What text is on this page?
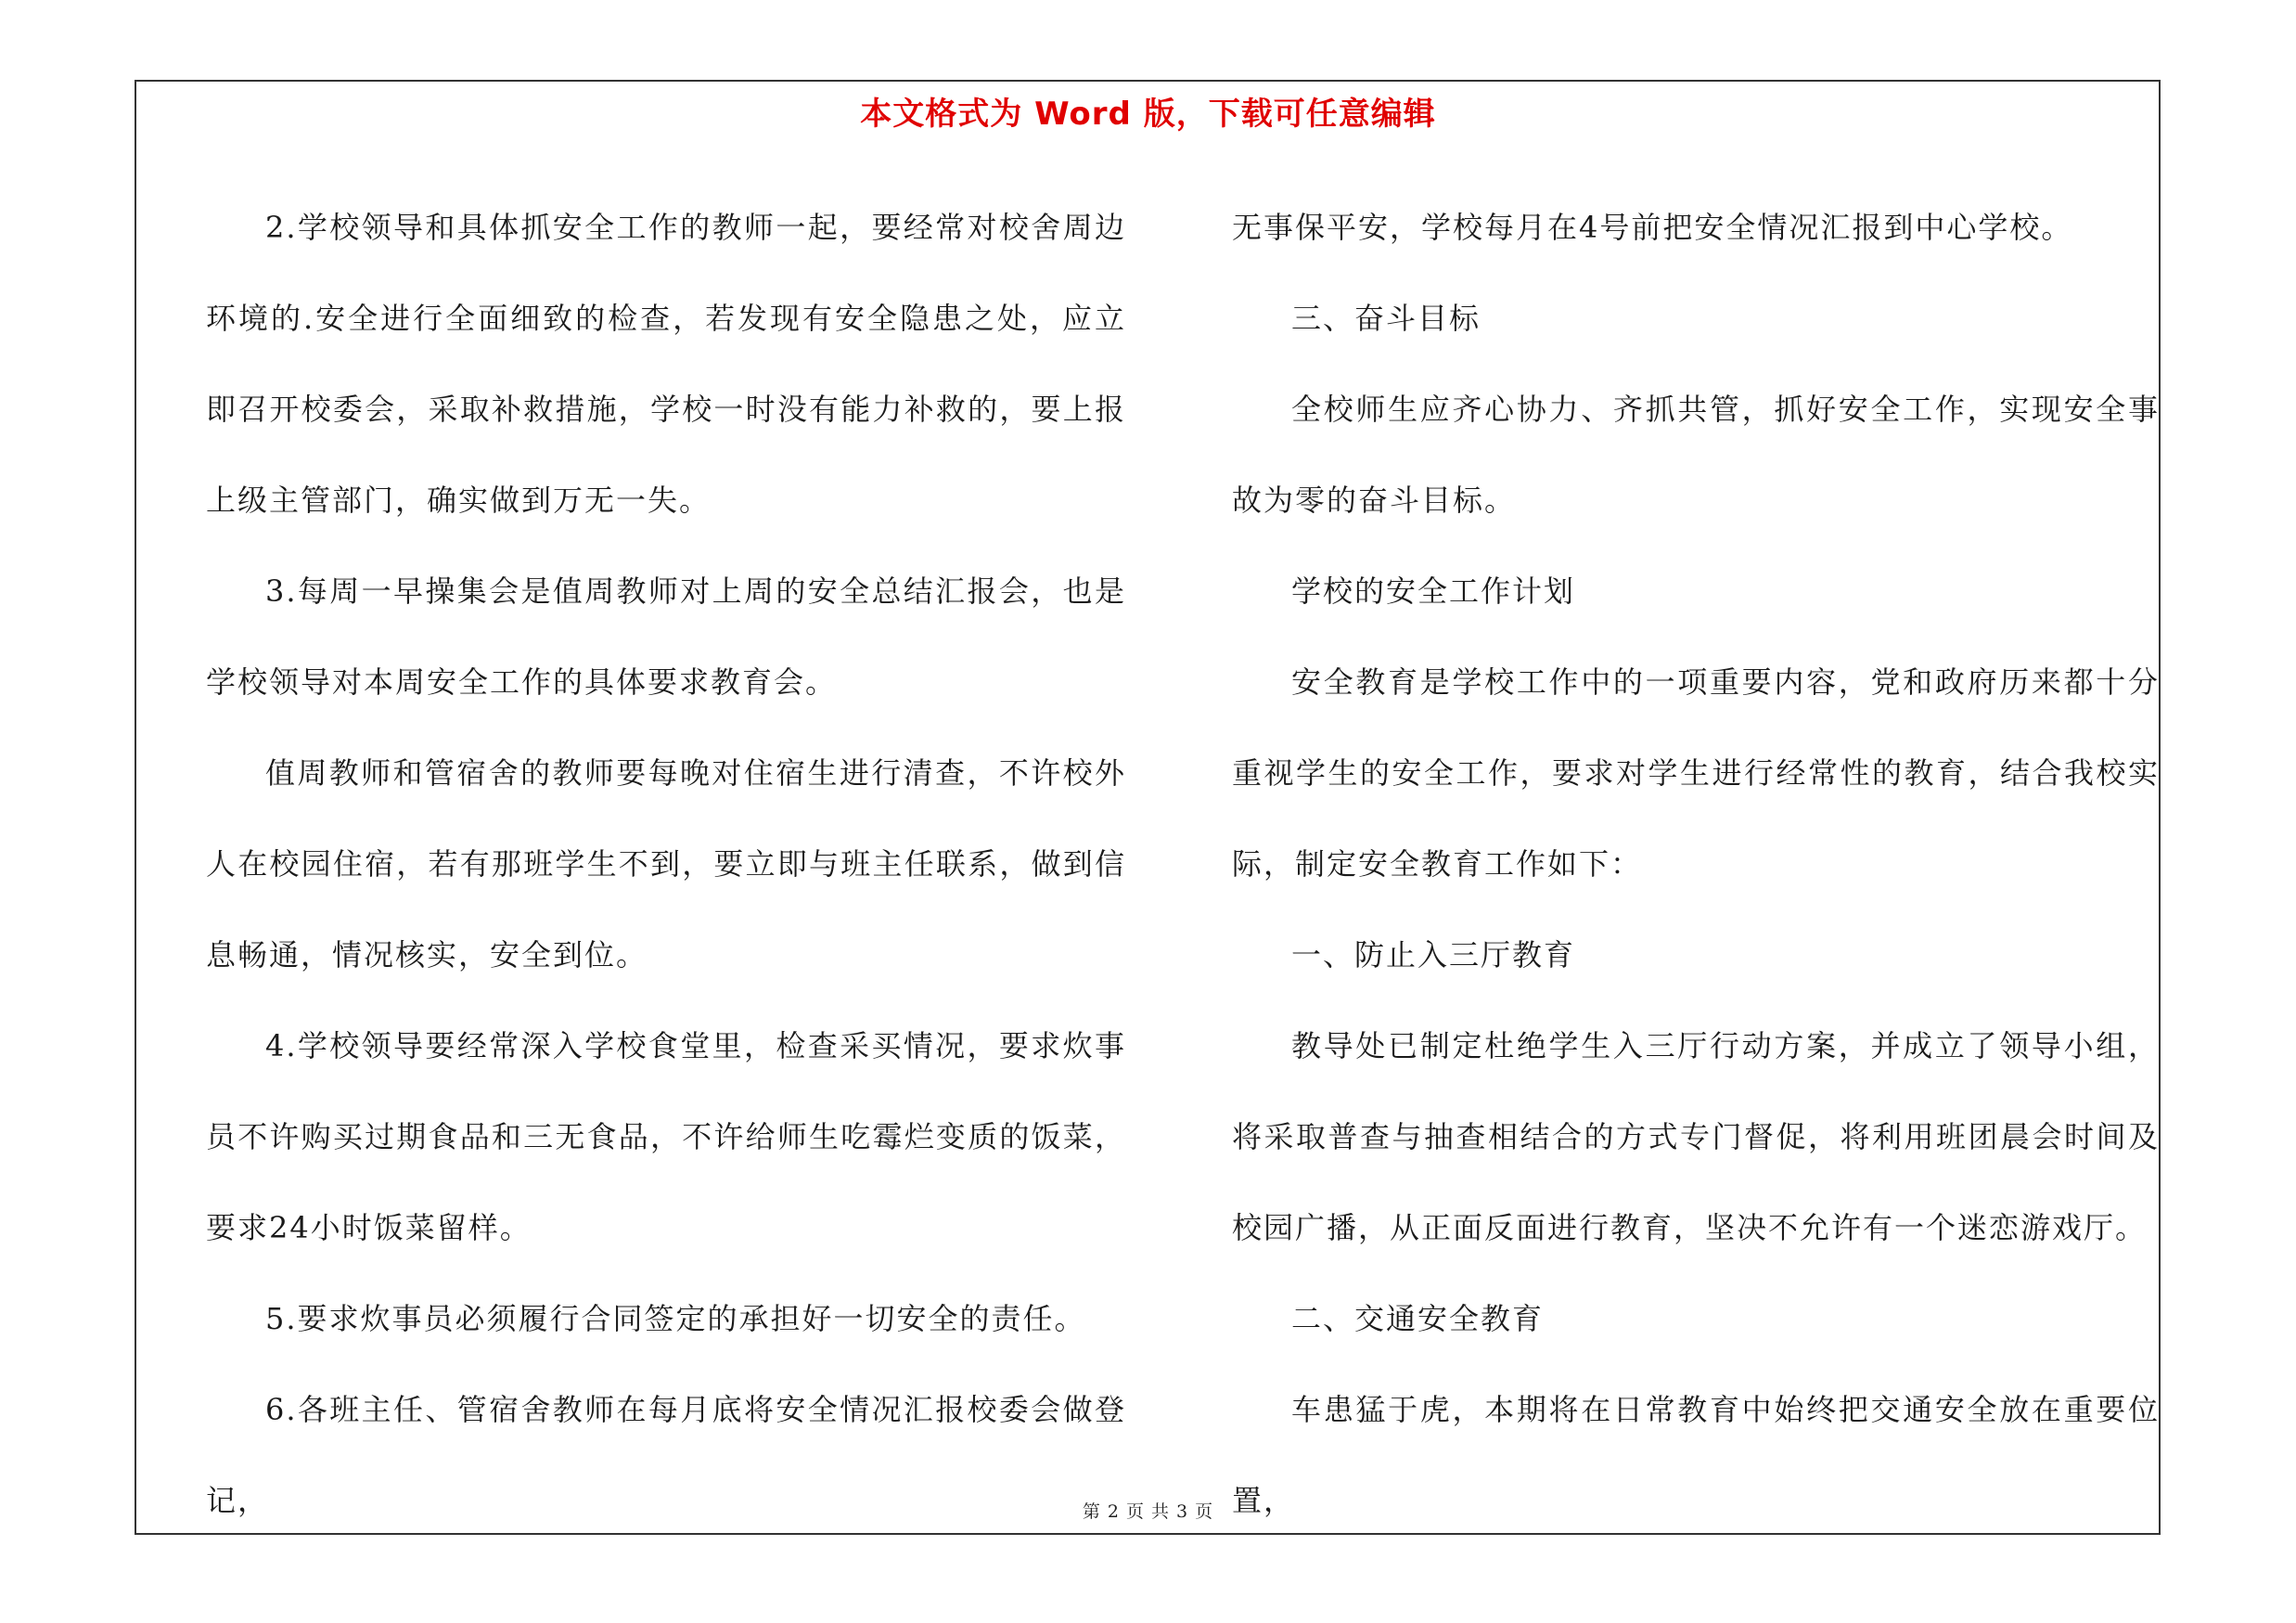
本文格式为 Word 版，下载可任意编辑

2.学校领导和具体抓安全工作的教师一起，要经常对校舍周边环境的.安全进行全面细致的检查，若发现有安全隐患之处，应立即召开校委会，采取补救措施，学校一时没有能力补救的，要上报上级主管部门，确实做到万无一失。

3.每周一早操集会是值周教师对上周的安全总结汇报会，也是学校领导对本周安全工作的具体要求教育会。

值周教师和管宿舍的教师要每晚对住宿生进行清查，不许校外人在校园住宿，若有那班学生不到，要立即与班主任联系，做到信息畅通，情况核实，安全到位。

4.学校领导要经常深入学校食堂里，检查采买情况，要求炊事员不许购买过期食品和三无食品，不许给师生吃霉烂变质的饭菜，要求24小时饭菜留样。

5.要求炊事员必须履行合同签定的承担好一切安全的责任。

6.各班主任、管宿舍教师在每月底将安全情况汇报校委会做登记，

无事保平安，学校每月在4号前把安全情况汇报到中心学校。

三、奋斗目标

全校师生应齐心协力、齐抓共管，抓好安全工作，实现安全事故为零的奋斗目标。

学校的安全工作计划

安全教育是学校工作中的一项重要内容，党和政府历来都十分重视学生的安全工作，要求对学生进行经常性的教育，结合我校实际，制定安全教育工作如下：

一、防止入三厅教育

教导处已制定杜绝学生入三厅行动方案，并成立了领导小组，将采取普查与抽查相结合的方式专门督促，将利用班团晨会时间及校园广播，从正面反面进行教育，坚决不允许有一个迷恋游戏厅。

二、交通安全教育

车患猛于虎，本期将在日常教育中始终把交通安全放在重要位置，

第 2 页 共 3 页
